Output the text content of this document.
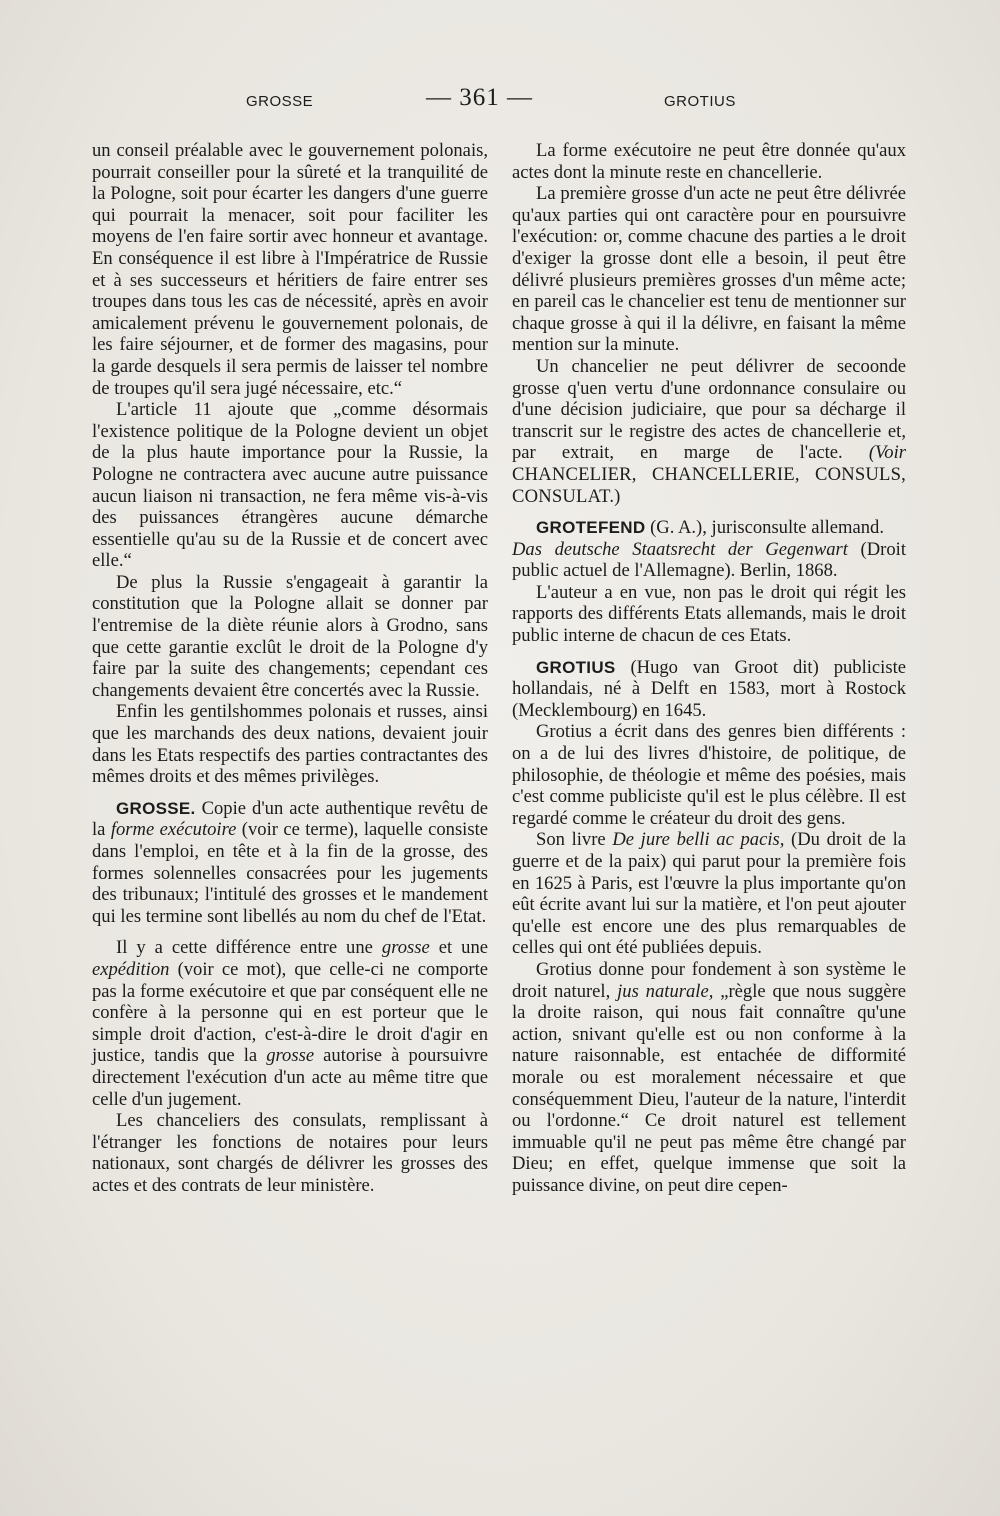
GROSSE	— 361 —	GROTIUS

un conseil préalable avec le gouvernement polonais, pourrait conseiller pour la sûreté et la tranquilité de la Pologne, soit pour écarter les dangers d'une guerre qui pourrait la menacer, soit pour faciliter les moyens de l'en faire sortir avec honneur et avantage. En conséquence il est libre à l'Impératrice de Russie et à ses successeurs et héritiers de faire entrer ses troupes dans tous les cas de nécessité, après en avoir amicalement prévenu le gouvernement polonais, de les faire séjourner, et de former des magasins, pour la garde desquels il sera permis de laisser tel nombre de troupes qu'il sera jugé nécessaire, etc.“

L'article 11 ajoute que „comme désormais l'existence politique de la Pologne devient un objet de la plus haute importance pour la Russie, la Pologne ne contractera avec aucune autre puissance aucun liaison ni transaction, ne fera même vis-à-vis des puissances étrangères aucune démarche essentielle qu'au su de la Russie et de concert avec elle.“

De plus la Russie s'engageait à garantir la constitution que la Pologne allait se donner par l'entremise de la diète réunie alors à Grodno, sans que cette garantie exclût le droit de la Pologne d'y faire par la suite des changements; cependant ces changements devaient être concertés avec la Russie.

Enfin les gentilshommes polonais et russes, ainsi que les marchands des deux nations, devaient jouir dans les Etats respectifs des parties contractantes des mêmes droits et des mêmes privilèges.

GROSSE. Copie d'un acte authentique revêtu de la forme exécutoire (voir ce terme), laquelle consiste dans l'emploi, en tête et à la fin de la grosse, des formes solennelles consacrées pour les jugements des tribunaux; l'intitulé des grosses et le mandement qui les termine sont libellés au nom du chef de l'Etat.

Il y a cette différence entre une grosse et une expédition (voir ce mot), que celle-ci ne comporte pas la forme exécutoire et que par conséquent elle ne confère à la personne qui en est porteur que le simple droit d'action, c'est-à-dire le droit d'agir en justice, tandis que la grosse autorise à poursuivre directement l'exécution d'un acte au même titre que celle d'un jugement.

Les chanceliers des consulats, remplissant à l'étranger les fonctions de notaires pour leurs nationaux, sont chargés de délivrer les grosses des actes et des contrats de leur ministère.

La forme exécutoire ne peut être donnée qu'aux actes dont la minute reste en chancellerie.

La première grosse d'un acte ne peut être délivrée qu'aux parties qui ont caractère pour en poursuivre l'exécution: or, comme chacune des parties a le droit d'exiger la grosse dont elle a besoin, il peut être délivré plusieurs premières grosses d'un même acte; en pareil cas le chancelier est tenu de mentionner sur chaque grosse à qui il la délivre, en faisant la même mention sur la minute.

Un chancelier ne peut délivrer de secoonde grosse q'uen vertu d'une ordonnance consulaire ou d'une décision judiciaire, que pour sa décharge il transcrit sur le registre des actes de chancellerie et, par extrait, en marge de l'acte. (Voir CHANCELIER, CHANCELLERIE, CONSULS, CONSULAT.)

GROTEFEND (G. A.), jurisconsulte allemand.

Das deutsche Staatsrecht der Gegenwart (Droit public actuel de l'Allemagne). Berlin, 1868.

L'auteur a en vue, non pas le droit qui régit les rapports des différents Etats allemands, mais le droit public interne de chacun de ces Etats.

GROTIUS (Hugo van Groot dit) publiciste hollandais, né à Delft en 1583, mort à Rostock (Mecklembourg) en 1645.

Grotius a écrit dans des genres bien différents : on a de lui des livres d'histoire, de politique, de philosophie, de théologie et même des poésies, mais c'est comme publiciste qu'il est le plus célèbre. Il est regardé comme le créateur du droit des gens.

Son livre De jure belli ac pacis, (Du droit de la guerre et de la paix) qui parut pour la première fois en 1625 à Paris, est l'œuvre la plus importante qu'on eût écrite avant lui sur la matière, et l'on peut ajouter qu'elle est encore une des plus remarquables de celles qui ont été publiées depuis.

Grotius donne pour fondement à son système le droit naturel, jus naturale, „règle que nous suggère la droite raison, qui nous fait connaître qu'une action, snivant qu'elle est ou non conforme à la nature raisonnable, est entachée de difformité morale ou est moralement nécessaire et que conséquemment Dieu, l'auteur de la nature, l'interdit ou l'ordonne.“ Ce droit naturel est tellement immuable qu'il ne peut pas même être changé par Dieu; en effet, quelque immense que soit la puissance divine, on peut dire cepen-
